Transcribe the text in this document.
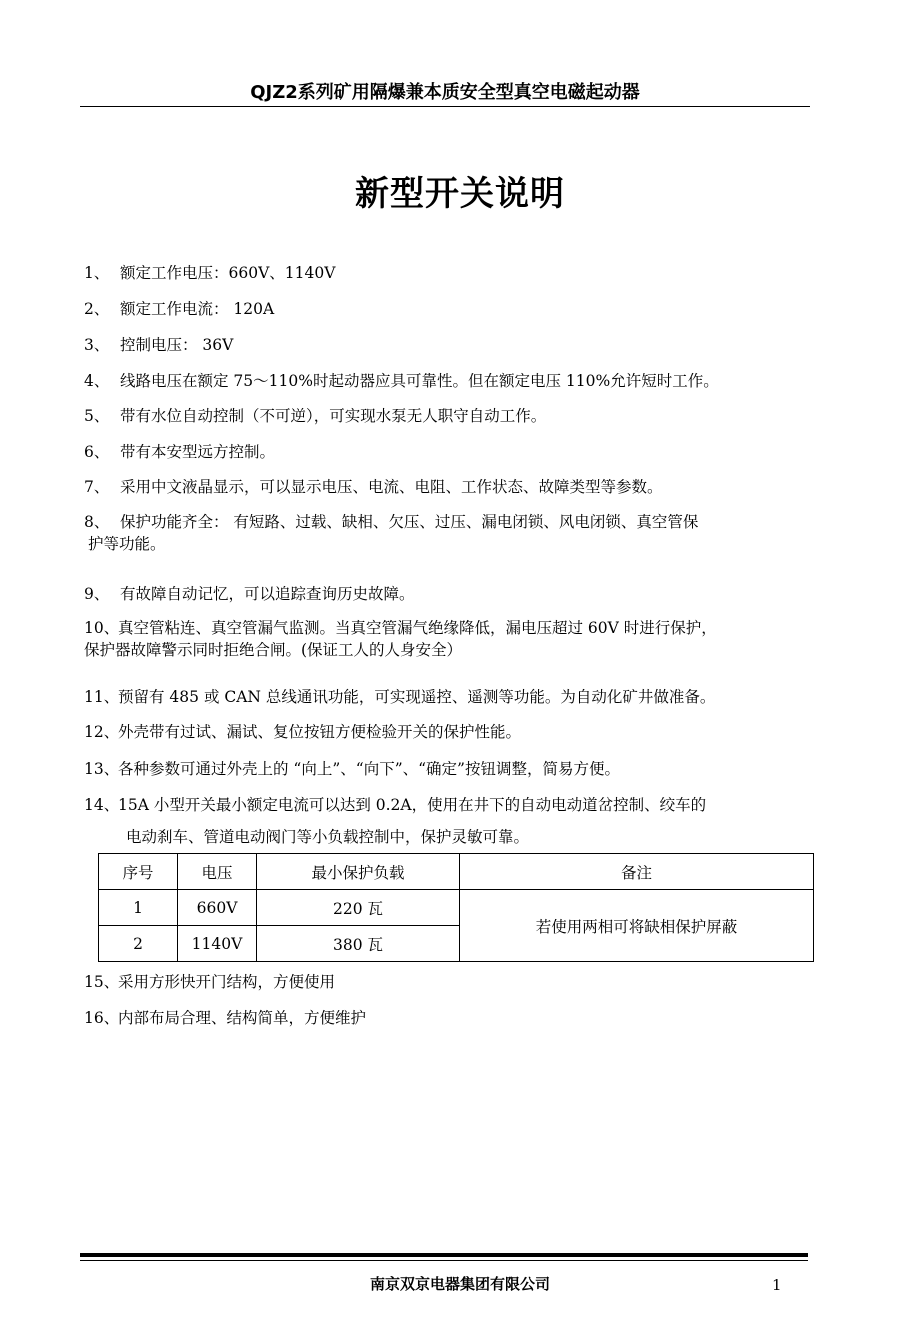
QJZ2系列矿用隔爆兼本质安全型真空电磁起动器
新型开关说明
1、 额定工作电压：660V、1140V
2、 额定工作电流： 120A
3、 控制电压： 36V
4、 线路电压在额定 75～110%时起动器应具可靠性。但在额定电压 110%允许短时工作。
5、 带有水位自动控制（不可逆），可实现水泵无人职守自动工作。
6、 带有本安型远方控制。
7、 采用中文液晶显示，可以显示电压、电流、电阻、工作状态、故障类型等参数。
8、 保护功能齐全： 有短路、过载、缺相、欠压、过压、漏电闭锁、风电闭锁、真空管保
护等功能。
9、 有故障自动记忆，可以追踪查询历史故障。
10、真空管粘连、真空管漏气监测。当真空管漏气绝缘降低，漏电压超过 60V 时进行保护，
保护器故障警示同时拒绝合闸。(保证工人的人身安全）
11、预留有 485 或 CAN 总线通讯功能，可实现遥控、遥测等功能。为自动化矿井做准备。
12、外壳带有过试、漏试、复位按钮方便检验开关的保护性能。
13、各种参数可通过外壳上的 “向上”、“向下”、“确定”按钮调整，简易方便。
14、15A 小型开关最小额定电流可以达到 0.2A，使用在井下的自动电动道岔控制、绞车的
电动刹车、管道电动阀门等小负载控制中，保护灵敏可靠。
序号	电压	最小保护负载	备注
1	660V	220 瓦	若使用两相可将缺相保护屏蔽
2	1140V	380 瓦	
15、采用方形快开门结构，方便使用
16、内部布局合理、结构简单，方便维护
南京双京电器集团有限公司	1
